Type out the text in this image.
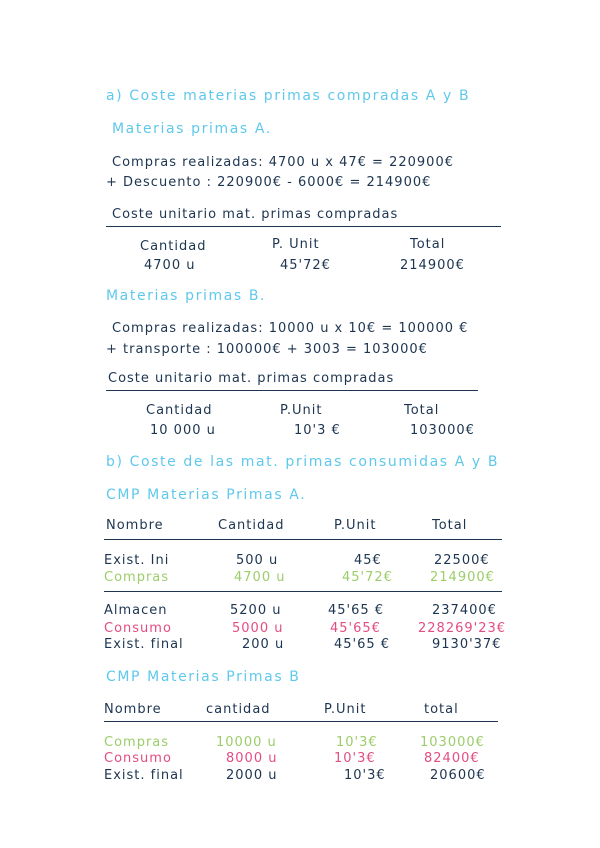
a) Coste materias primas compradas A y B
Materias primas A.
Compras realizadas: 4700 u x 47€ = 220900€
+ Descuento : 220900€ - 6000€ = 214900€
Coste unitario mat. primas compradas
Cantidad	P. Unit	Total
4700 u	45'72€	214900€
Materias primas B.
Compras realizadas: 10000 u x 10€ = 100000 €
+ transporte : 100000€ + 3003 = 103000€
Coste unitario mat. primas compradas
Cantidad	P.Unit	Total
10 000 u	10'3 €	103000€
b) Coste de las mat. primas consumidas A y B
CMP Materias Primas A.
Nombre	Cantidad	P.Unit	Total
Exist. Ini	500 u	45€	22500€
Compras	4700 u	45'72€	214900€
Almacen	5200 u	45'65 €	237400€
Consumo	5000 u	45'65€	228269'23€
Exist. final	200 u	45'65 €	9130'37€
CMP Materias Primas B
Nombre	cantidad	P.Unit	total
Compras	10000 u	10'3€	103000€
Consumo	8000 u	10'3€	82400€
Exist. final	2000 u	10'3€	20600€
